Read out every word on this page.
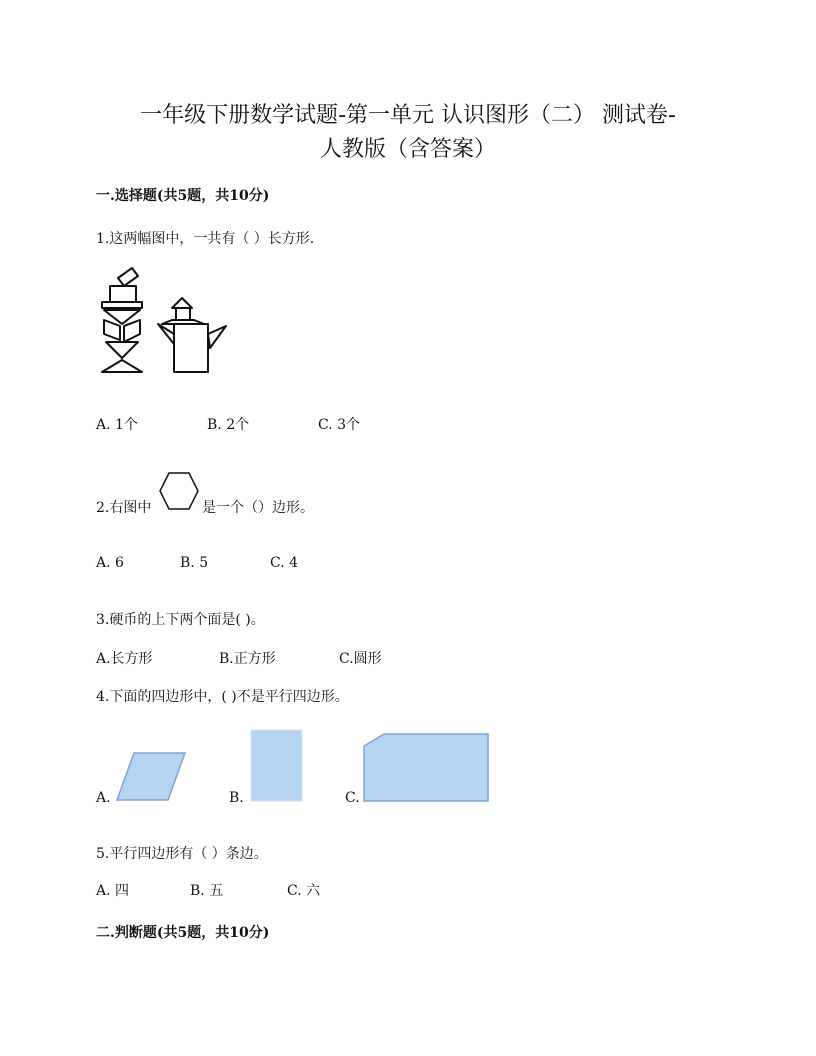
一年级下册数学试题-第一单元 认识图形（二） 测试卷-
人教版（含答案）
一.选择题(共5题，共10分)
1.这两幅图中，一共有（ ）长方形.
A. 1个	B. 2个	C. 3个
2.右图中	是一个（）边形。
A. 6	B. 5	C. 4
3.硬币的上下两个面是( )。
A.长方形	B.正方形	C.圆形
4.下面的四边形中，( )不是平行四边形。
A.	B.	C.
5.平行四边形有（ ）条边。
A. 四	B. 五	C. 六
二.判断题(共5题，共10分)
